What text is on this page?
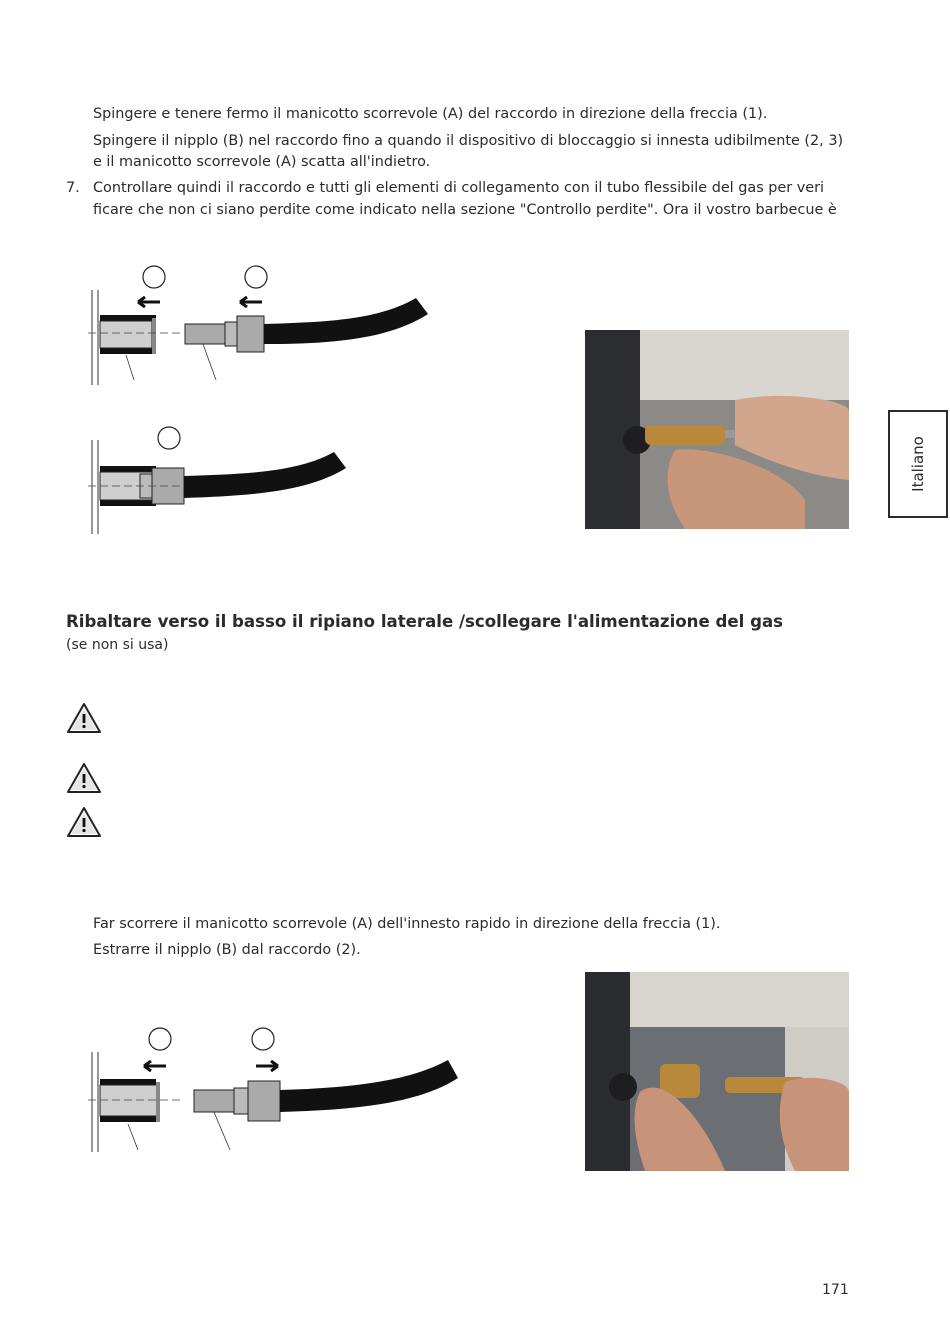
Spingere e tenere fermo il manicotto scorrevole (A) del raccordo in direzione della freccia (1).

Spingere il nipplo (B) nel raccordo fino a quando il dispositivo di bloccaggio si innesta udibilmente (2, 3)

e il manicotto scorrevole (A) scatta all'indietro.

7. Controllare quindi il raccordo e tutti gli elementi di collegamento con il tubo flessibile del gas per veri

ficare che non ci siano perdite come indicato nella sezione "Controllo perdite". Ora il vostro barbecue è

Italiano
Ribaltare verso il basso il ripiano laterale /scollegare l'alimentazione del gas
(se non si usa)

Far scorrere il manicotto scorrevole (A) dell'innesto rapido in direzione della freccia (1).

Estrarre il nipplo (B) dal raccordo (2).

171
